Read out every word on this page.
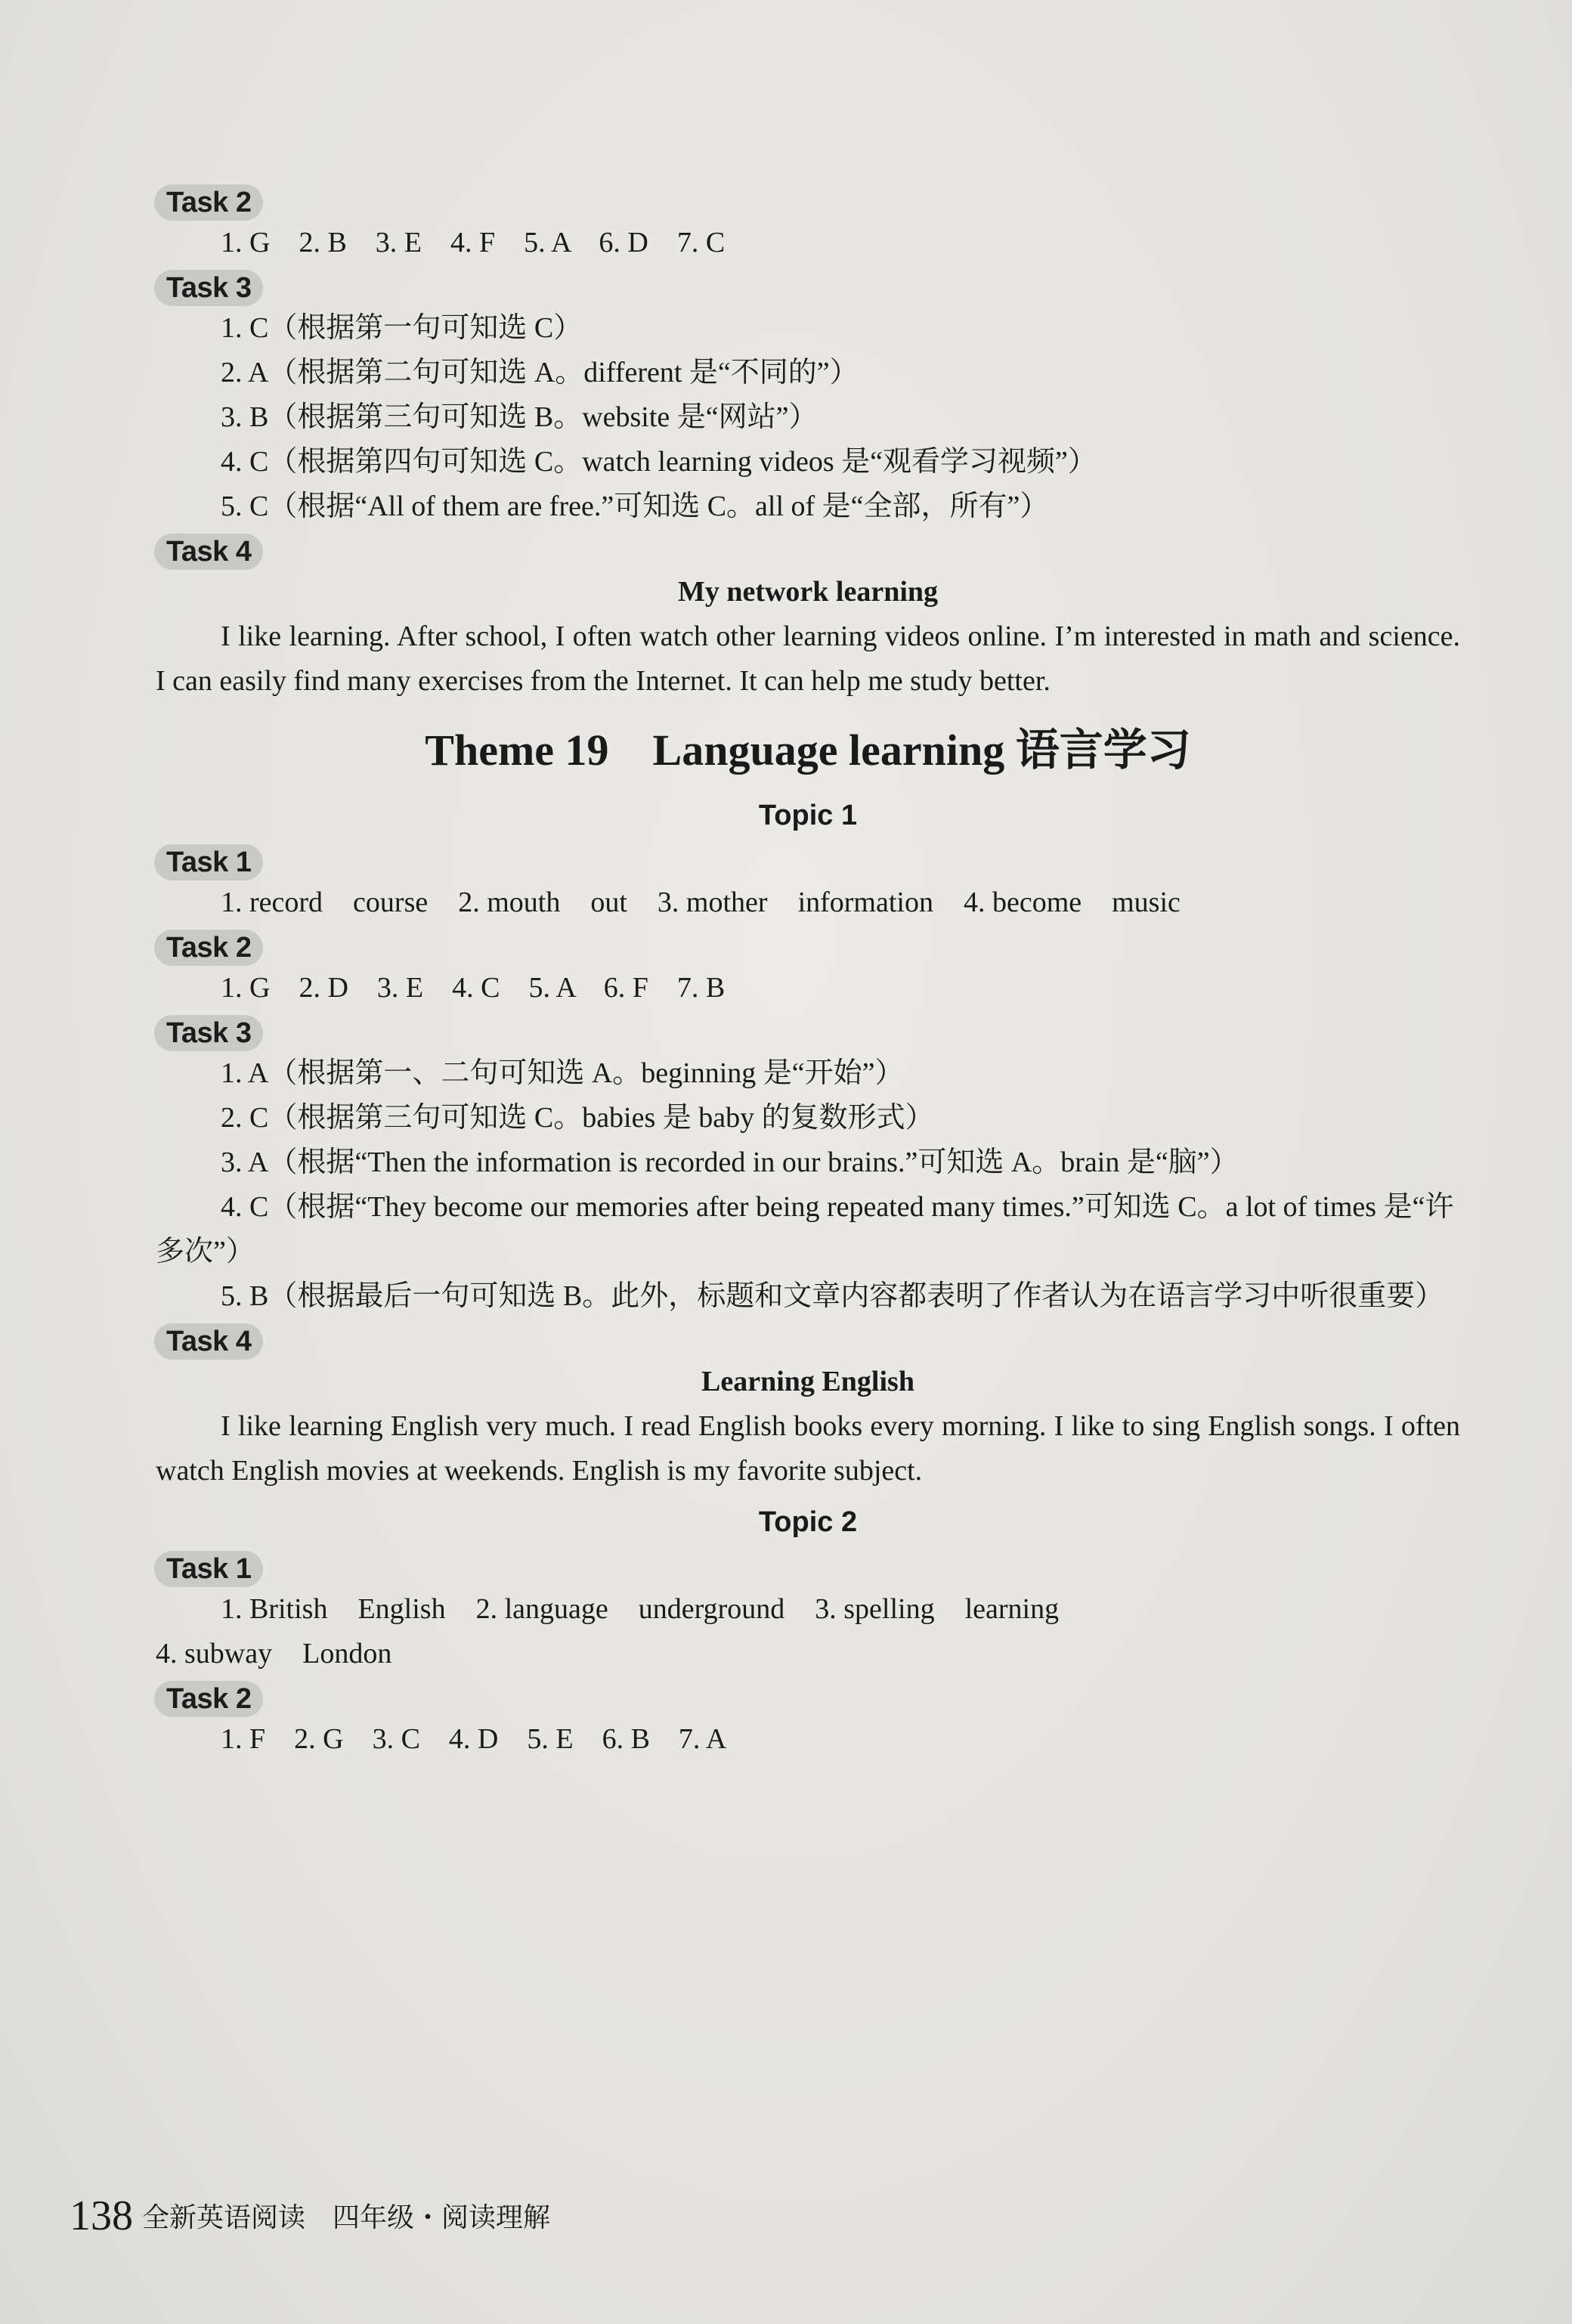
Task 2

1. G　2. B　3. E　4. F　5. A　6. D　7. C

Task 3

1. C（根据第一句可知选 C）

2. A（根据第二句可知选 A。different 是“不同的”）

3. B（根据第三句可知选 B。website 是“网站”）

4. C（根据第四句可知选 C。watch learning videos 是“观看学习视频”）

5. C（根据“All of them are free.”可知选 C。all of 是“全部，所有”）

Task 4

My network learning

I like learning. After school, I often watch other learning videos online. I’m interested in math and science. I can easily find many exercises from the Internet. It can help me study better.

Theme 19　Language learning 语言学习
Topic 1
Task 1

1. record course 2. mouth out 3. mother information 4. become music

Task 2

1. G　2. D　3. E　4. C　5. A　6. F　7. B

Task 3

1. A（根据第一、二句可知选 A。beginning 是“开始”）

2. C（根据第三句可知选 C。babies 是 baby 的复数形式）

3. A（根据“Then the information is recorded in our brains.”可知选 A。brain 是“脑”）

4. C（根据“They become our memories after being repeated many times.”可知选 C。a lot of times 是“许多次”）

5. B（根据最后一句可知选 B。此外，标题和文章内容都表明了作者认为在语言学习中听很重要）

Task 4

Learning English

I like learning English very much. I read English books every morning. I like to sing English songs. I often watch English movies at weekends. English is my favorite subject.

Topic 2
Task 1

1. British English 2. language underground 3. spelling learning

4. subway London

Task 2

1. F　2. G　3. C　4. D　5. E　6. B　7. A

138 全新英语阅读　四年级・阅读理解
